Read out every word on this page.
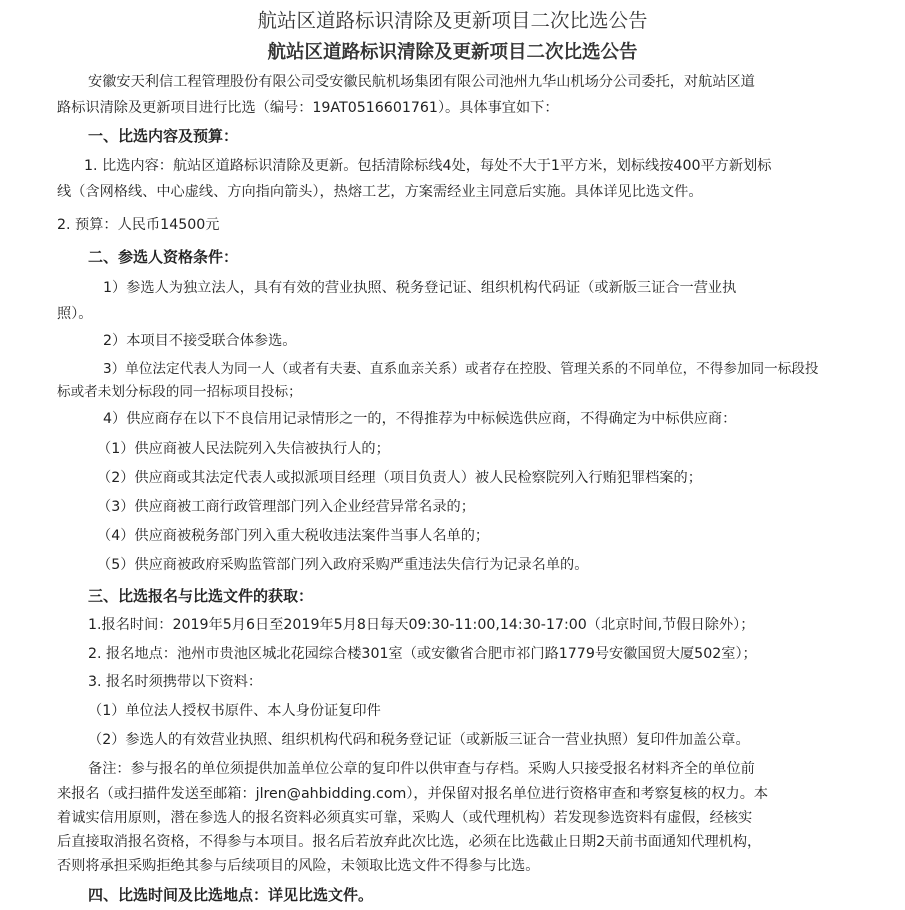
航站区道路标识清除及更新项目二次比选公告
航站区道路标识清除及更新项目二次比选公告
安徽安天利信工程管理股份有限公司受安徽民航机场集团有限公司池州九华山机场分公司委托，对航站区道
路标识清除及更新项目进行比选（编号：19AT0516601761）。具体事宜如下：
一、比选内容及预算：
1. 比选内容：航站区道路标识清除及更新。包括清除标线4处，每处不大于1平方米，划标线按400平方新划标
线（含网格线、中心虚线、方向指向箭头），热熔工艺，方案需经业主同意后实施。具体详见比选文件。
2. 预算：人民币14500元
二、参选人资格条件：
1）参选人为独立法人，具有有效的营业执照、税务登记证、组织机构代码证（或新版三证合一营业执
照）。
2）本项目不接受联合体参选。
3）单位法定代表人为同一人（或者有夫妻、直系血亲关系）或者存在控股、管理关系的不同单位，不得参加同一标段投
标或者未划分标段的同一招标项目投标；
4）供应商存在以下不良信用记录情形之一的，不得推荐为中标候选供应商，不得确定为中标供应商：
（1）供应商被人民法院列入失信被执行人的；
（2）供应商或其法定代表人或拟派项目经理（项目负责人）被人民检察院列入行贿犯罪档案的；
（3）供应商被工商行政管理部门列入企业经营异常名录的；
（4）供应商被税务部门列入重大税收违法案件当事人名单的；
（5）供应商被政府采购监管部门列入政府采购严重违法失信行为记录名单的。
三、比选报名与比选文件的获取：
1.报名时间：2019年5月6日至2019年5月8日每天09:30-11:00,14:30-17:00（北京时间,节假日除外）；
2. 报名地点：池州市贵池区城北花园综合楼301室（或安徽省合肥市祁门路1779号安徽国贸大厦502室）；
3. 报名时须携带以下资料：
（1）单位法人授权书原件、本人身份证复印件
（2）参选人的有效营业执照、组织机构代码和税务登记证（或新版三证合一营业执照）复印件加盖公章。
备注：参与报名的单位须提供加盖单位公章的复印件以供审查与存档。采购人只接受报名材料齐全的单位前
来报名（或扫描件发送至邮箱：jlren@ahbidding.com），并保留对报名单位进行资格审查和考察复核的权力。本
着诚实信用原则，潜在参选人的报名资料必须真实可靠，采购人（或代理机构）若发现参选资料有虚假，经核实
后直接取消报名资格，不得参与本项目。报名后若放弃此次比选，必须在比选截止日期2天前书面通知代理机构，
否则将承担采购拒绝其参与后续项目的风险，未领取比选文件不得参与比选。
四、比选时间及比选地点：详见比选文件。
